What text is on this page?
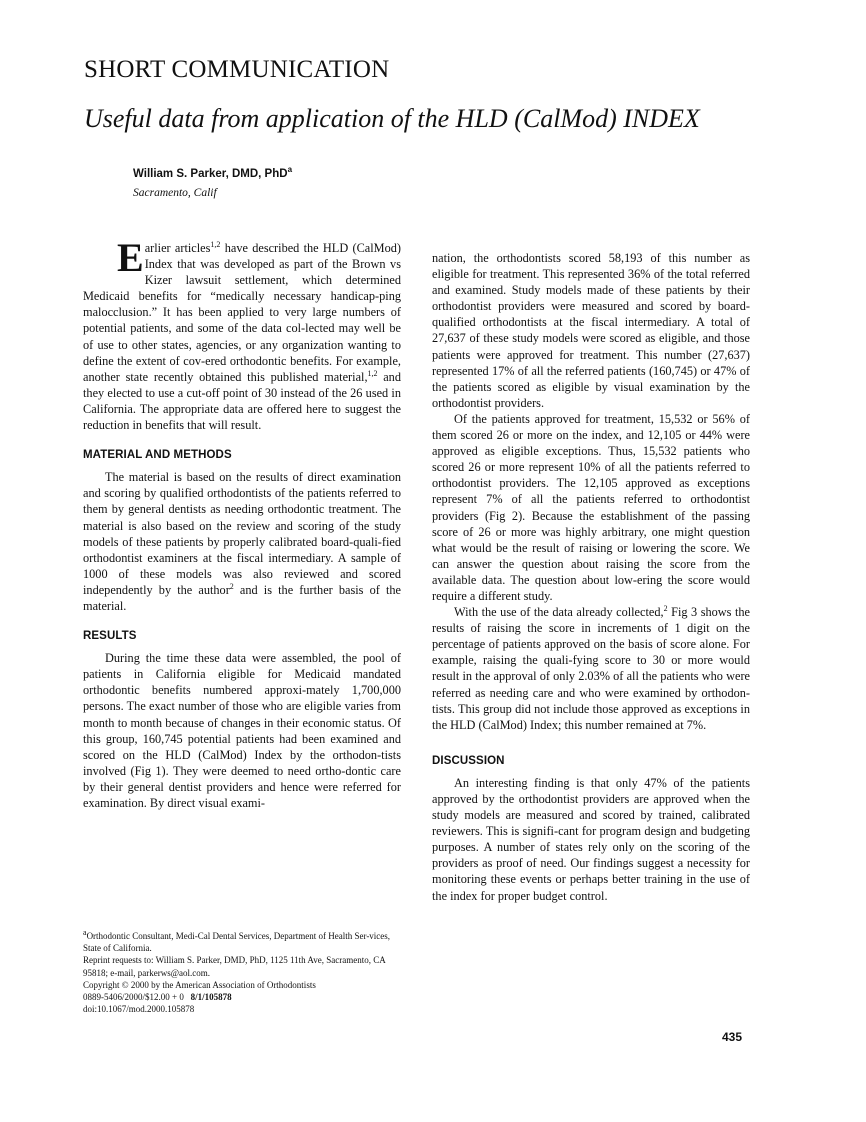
SHORT COMMUNICATION
Useful data from application of the HLD (CalMod) INDEX
William S. Parker, DMD, PhD$^a$
Sacramento, Calif

Earlier articles$^{1,2}$ have described the HLD (CalMod) Index that was developed as part of the Brown vs Kizer lawsuit settlement, which determined Medicaid benefits for “medically necessary handicap-ping malocclusion.” It has been applied to very large numbers of potential patients, and some of the data col-lected may well be of use to other states, agencies, or any organization wanting to define the extent of cov-ered orthodontic benefits. For example, another state recently obtained this published material,$^{1,2}$ and they elected to use a cut-off point of 30 instead of the 26 used in California. The appropriate data are offered here to suggest the reduction in benefits that will result.

MATERIAL AND METHODS

The material is based on the results of direct examination and scoring by qualified orthodontists of the patients referred to them by general dentists as needing orthodontic treatment. The material is also based on the review and scoring of the study models of these patients by properly calibrated board-quali-fied orthodontist examiners at the fiscal intermediary. A sample of 1000 of these models was also reviewed and scored independently by the author$^2$ and is the further basis of the material.

RESULTS

During the time these data were assembled, the pool of patients in California eligible for Medicaid mandated orthodontic benefits numbered approxi-mately 1,700,000 persons. The exact number of those who are eligible varies from month to month because of changes in their economic status. Of this group, 160,745 potential patients had been examined and scored on the HLD (CalMod) Index by the orthodon-tists involved (Fig 1). They were deemed to need ortho-dontic care by their general dentist providers and hence were referred for examination. By direct visual exami-

nation, the orthodontists scored 58,193 of this number as eligible for treatment. This represented 36% of the total referred and examined. Study models made of these patients by their orthodontist providers were measured and scored by board-qualified orthodontists at the fiscal intermediary. A total of 27,637 of these study models were scored as eligible, and those patients were approved for treatment. This number (27,637) represented 17% of all the referred patients (160,745) or 47% of the patients scored as eligible by visual examination by the orthodontist providers.

Of the patients approved for treatment, 15,532 or 56% of them scored 26 or more on the index, and 12,105 or 44% were approved as eligible exceptions. Thus, 15,532 patients who scored 26 or more represent 10% of all the patients referred to orthodontist providers. The 12,105 approved as exceptions represent 7% of all the patients referred to orthodontist providers (Fig 2). Because the establishment of the passing score of 26 or more was highly arbitrary, one might question what would be the result of raising or lowering the score. We can answer the question about raising the score from the available data. The question about low-ering the score would require a different study.

With the use of the data already collected,$^2$ Fig 3 shows the results of raising the score in increments of 1 digit on the percentage of patients approved on the basis of score alone. For example, raising the quali-fying score to 30 or more would result in the approval of only 2.03% of all the patients who were referred as needing care and who were examined by orthodon-tists. This group did not include those approved as exceptions in the HLD (CalMod) Index; this number remained at 7%.

DISCUSSION

An interesting finding is that only 47% of the patients approved by the orthodontist providers are approved when the study models are measured and scored by trained, calibrated reviewers. This is signifi-cant for program design and budgeting purposes. A number of states rely only on the scoring of the providers as proof of need. Our findings suggest a necessity for monitoring these events or perhaps better training in the use of the index for proper budget control.

$^a$Orthodontic Consultant, Medi-Cal Dental Services, Department of Health Ser-vices, State of California.
Reprint requests to: William S. Parker, DMD, PhD, 1125 11th Ave, Sacramento, CA 95818; e-mail, parkerws@aol.com.
Copyright © 2000 by the American Association of Orthodontists
0889-5406/2000/$12.00 + 0 8/1/105878
doi:10.1067/mod.2000.105878
435
